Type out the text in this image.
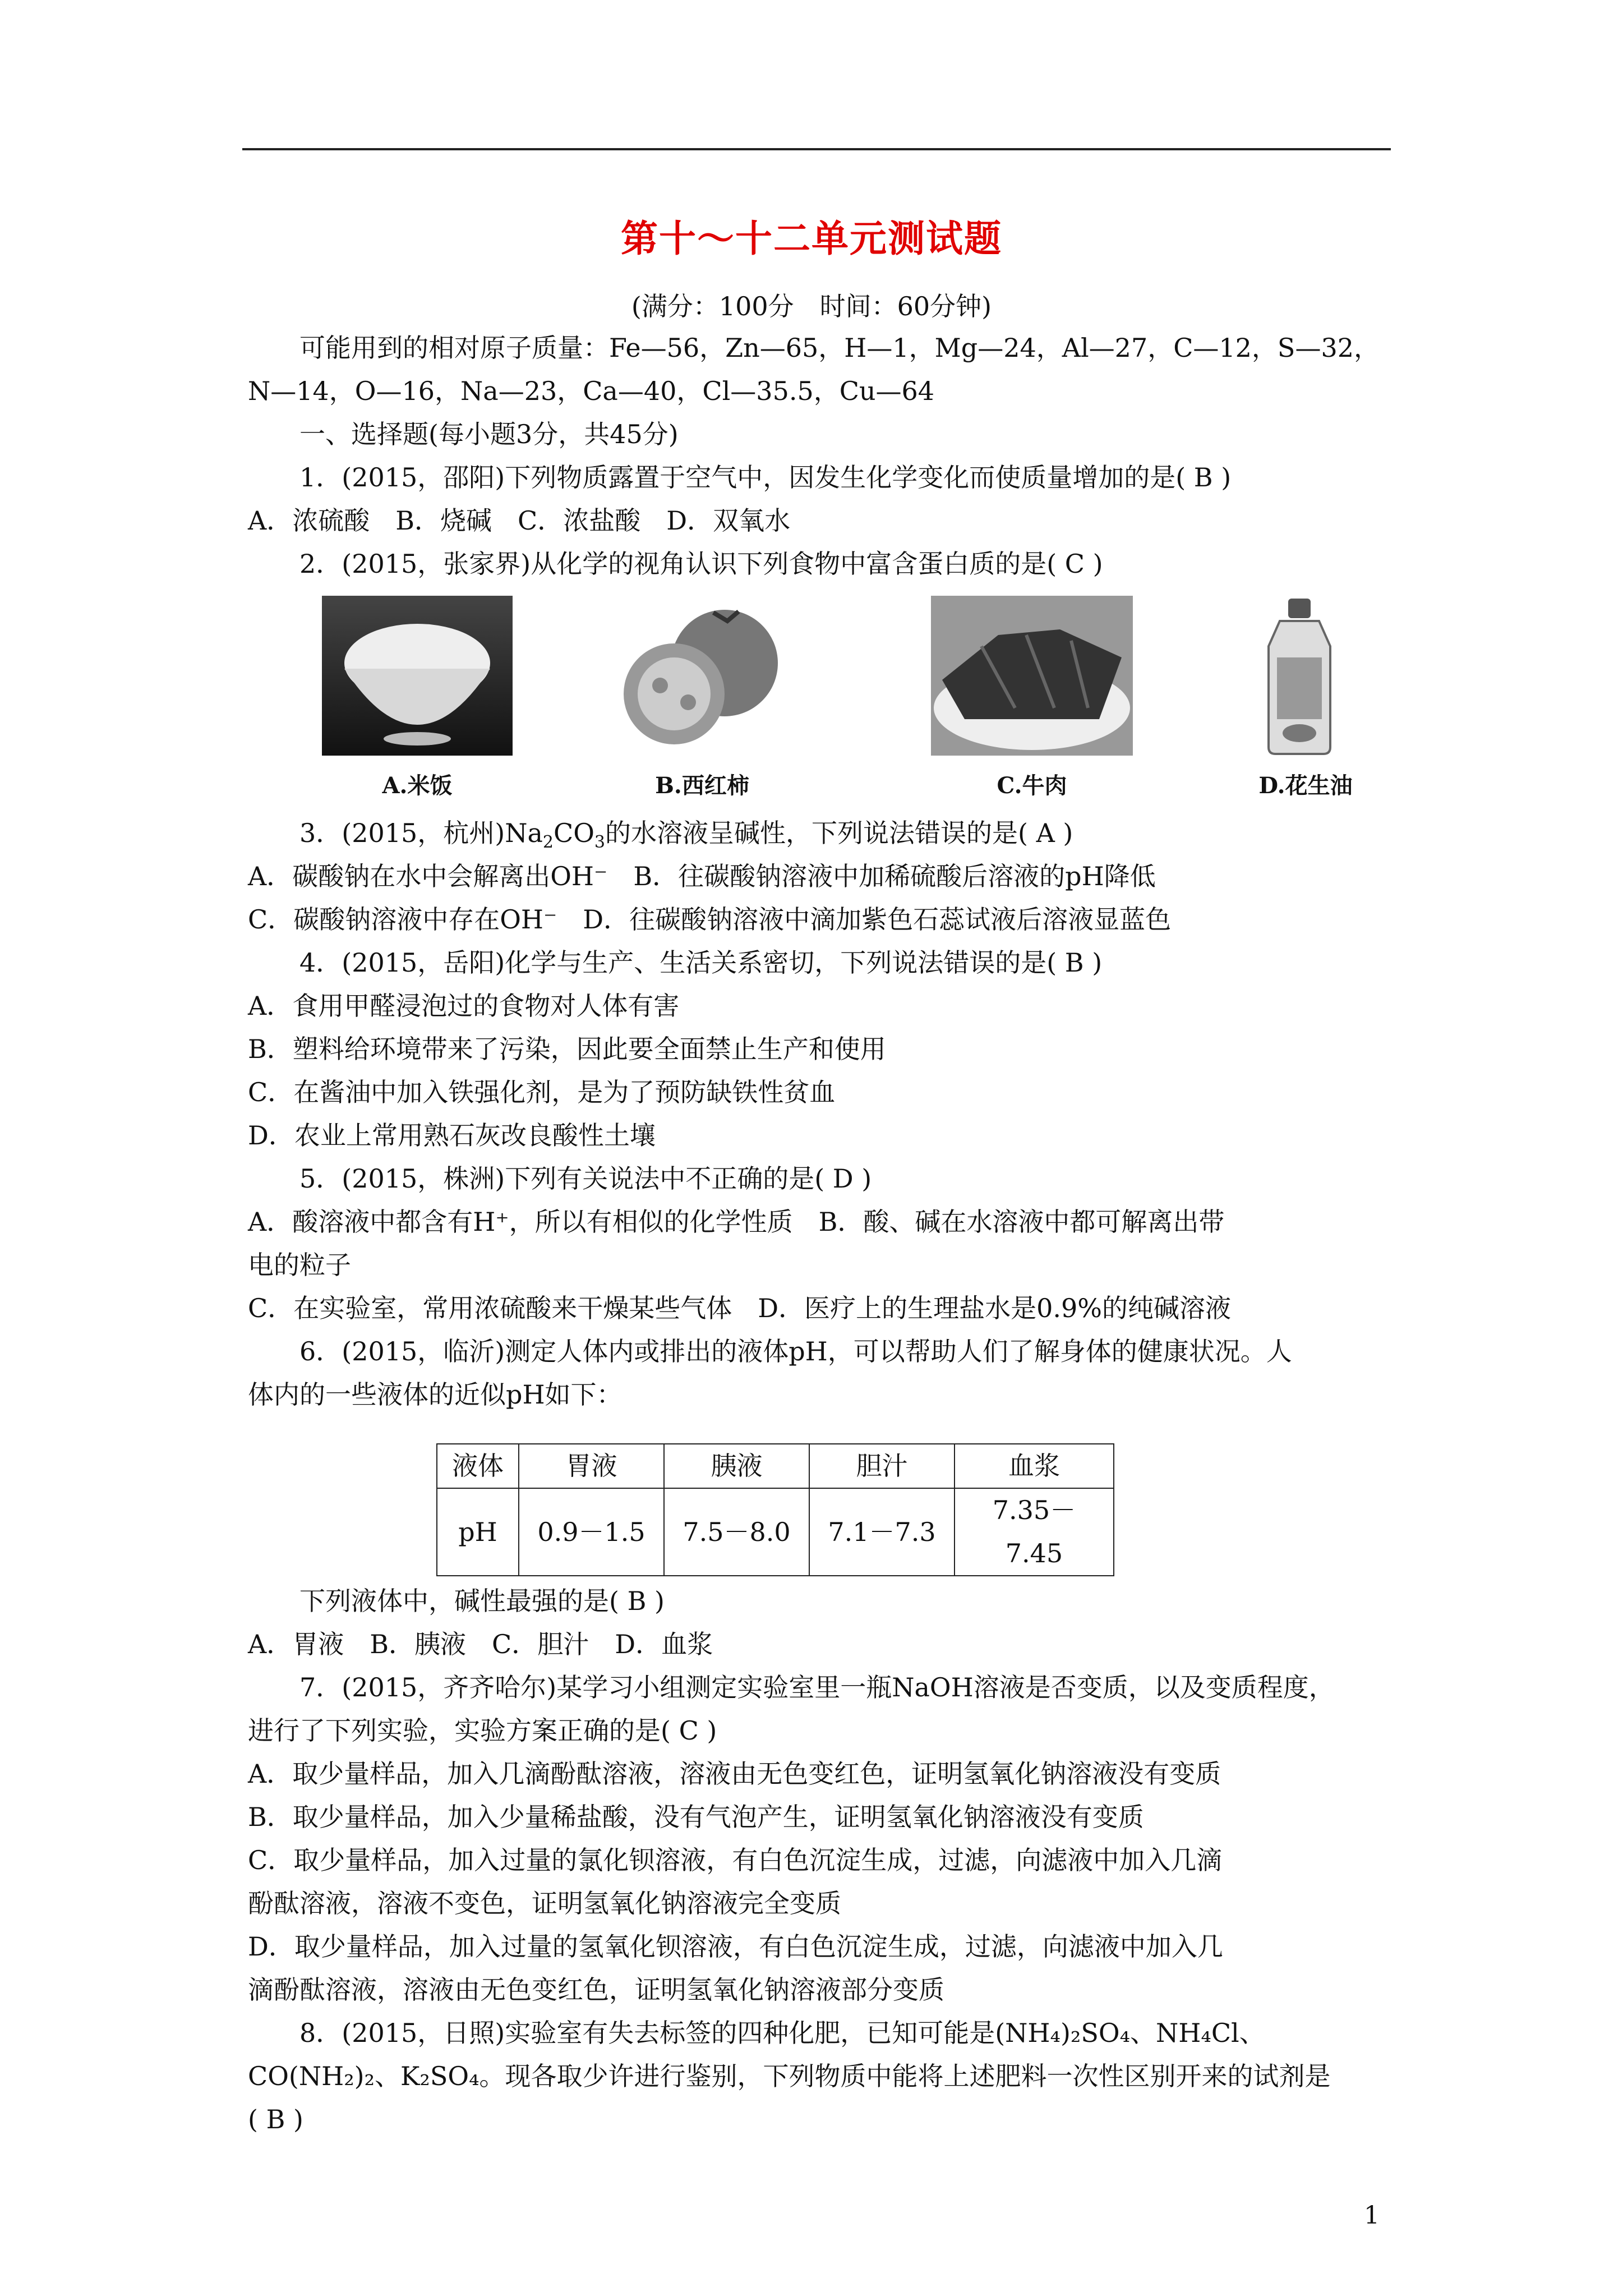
第十～十二单元测试题
(满分：100分　时间：60分钟)

可能用到的相对原子质量：Fe—56，Zn—65，H—1，Mg—24，Al—27，C—12，S—32，

N—14，O—16，Na—23，Ca—40，Cl—35.5，Cu—64

一、选择题(每小题3分，共45分)

1．(2015，邵阳)下列物质露置于空气中，因发生化学变化而使质量增加的是( B )

A．浓硫酸　B．烧碱　C．浓盐酸　D．双氧水

2．(2015，张家界)从化学的视角认识下列食物中富含蛋白质的是( C )

A.米饭	B.西红柿	C.牛肉	D.花生油

3．(2015，杭州)$Na_2CO_3$的水溶液呈碱性，下列说法错误的是( A )

A．碳酸钠在水中会解离出OH⁻　B．往碳酸钠溶液中加稀硫酸后溶液的pH降低

C．碳酸钠溶液中存在OH⁻　D．往碳酸钠溶液中滴加紫色石蕊试液后溶液显蓝色

4．(2015，岳阳)化学与生产、生活关系密切，下列说法错误的是( B )

A．食用甲醛浸泡过的食物对人体有害

B．塑料给环境带来了污染，因此要全面禁止生产和使用

C．在酱油中加入铁强化剂，是为了预防缺铁性贫血

D．农业上常用熟石灰改良酸性土壤

5．(2015，株洲)下列有关说法中不正确的是( D )

A．酸溶液中都含有H⁺，所以有相似的化学性质　B．酸、碱在水溶液中都可解离出带

电的粒子

C．在实验室，常用浓硫酸来干燥某些气体　D．医疗上的生理盐水是0.9%的纯碱溶液

6．(2015，临沂)测定人体内或排出的液体pH，可以帮助人们了解身体的健康状况。人

体内的一些液体的近似pH如下：

液体	胃液	胰液	胆汁	血浆
pH	0.9－1.5	7.5－8.0	7.1－7.3	7.35－7.45

下列液体中，碱性最强的是( B )

A．胃液　B．胰液　C．胆汁　D．血浆

7．(2015，齐齐哈尔)某学习小组测定实验室里一瓶NaOH溶液是否变质，以及变质程度，

进行了下列实验，实验方案正确的是( C )

A．取少量样品，加入几滴酚酞溶液，溶液由无色变红色，证明氢氧化钠溶液没有变质

B．取少量样品，加入少量稀盐酸，没有气泡产生，证明氢氧化钠溶液没有变质

C．取少量样品，加入过量的氯化钡溶液，有白色沉淀生成，过滤，向滤液中加入几滴

酚酞溶液，溶液不变色，证明氢氧化钠溶液完全变质

D．取少量样品，加入过量的氢氧化钡溶液，有白色沉淀生成，过滤，向滤液中加入几

滴酚酞溶液，溶液由无色变红色，证明氢氧化钠溶液部分变质

8．(2015，日照)实验室有失去标签的四种化肥，已知可能是(NH₄)₂SO₄、NH₄Cl、

CO(NH₂)₂、K₂SO₄。现各取少许进行鉴别，下列物质中能将上述肥料一次性区别开来的试剂是

( B )

1
